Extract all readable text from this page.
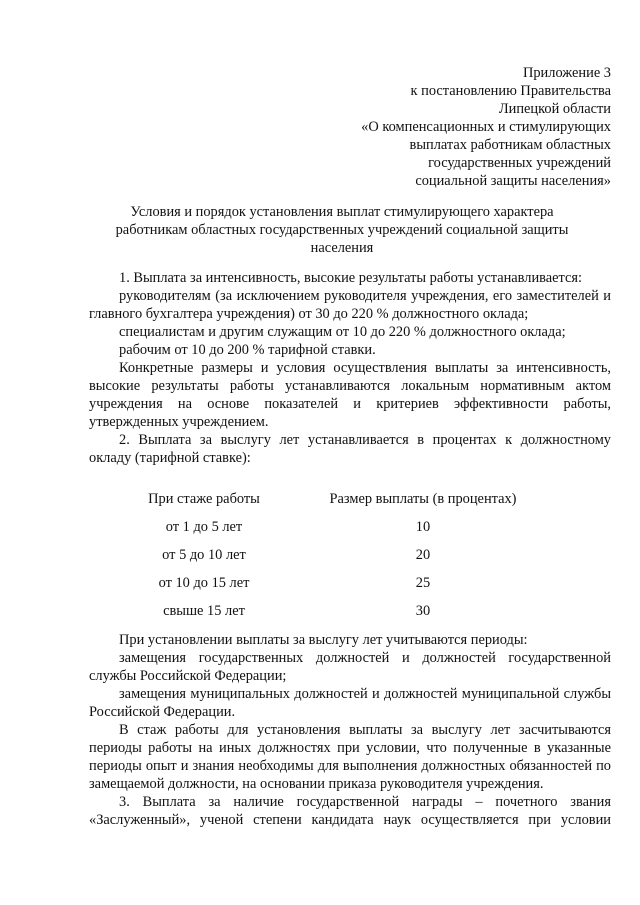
Приложение 3
к постановлению Правительства
Липецкой области
«О компенсационных и стимулирующих
выплатах работникам областных
государственных учреждений
социальной защиты населения»
Условия и порядок установления выплат стимулирующего характера
работникам областных государственных учреждений социальной защиты
населения

1. Выплата за интенсивность, высокие результаты работы устанавливается:

руководителям (за исключением руководителя учреждения, его заместителей и главного бухгалтера учреждения) от 30 до 220 % должностного оклада;

специалистам и другим служащим от 10 до 220 % должностного оклада;

рабочим от 10 до 200 % тарифной ставки.

Конкретные размеры и условия осуществления выплаты за интенсивность, высокие результаты работы устанавливаются локальным нормативным актом учреждения на основе показателей и критериев эффективности работы, утвержденных учреждением.

2. Выплата за выслугу лет устанавливается в процентах к должностному окладу (тарифной ставке):

При стаже работы	Размер выплаты (в процентах)
от 1 до 5 лет	10
от 5 до 10 лет	20
от 10 до 15 лет	25
свыше 15 лет	30

При установлении выплаты за выслугу лет учитываются периоды:

замещения государственных должностей и должностей государственной службы Российской Федерации;

замещения муниципальных должностей и должностей муниципальной службы Российской Федерации.

В стаж работы для установления выплаты за выслугу лет засчитываются периоды работы на иных должностях при условии, что полученные в указанные периоды опыт и знания необходимы для выполнения должностных обязанностей по замещаемой должности, на основании приказа руководителя учреждения.

3. Выплата за наличие государственной награды – почетного звания «Заслуженный», ученой степени кандидата наук осуществляется при условии
